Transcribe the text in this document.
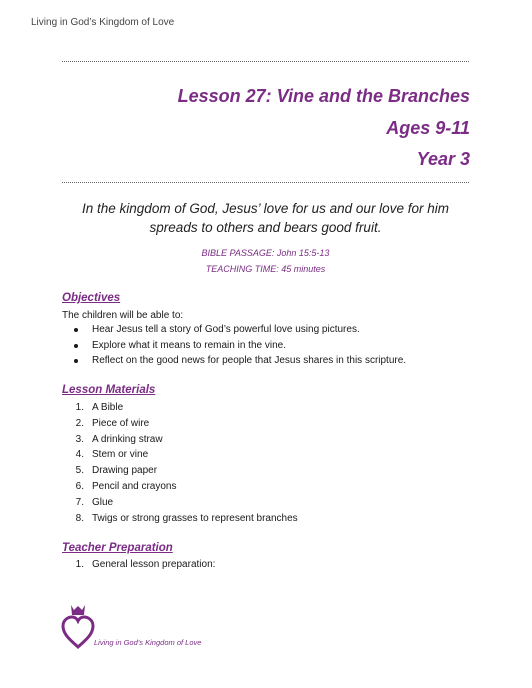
Living in God’s Kingdom of Love
Lesson 27: Vine and the Branches
Ages 9-11
Year 3
In the kingdom of God, Jesus’ love for us and our love for him spreads to others and bears good fruit.
BIBLE PASSAGE: John 15:5-13
TEACHING TIME: 45 minutes
Objectives
The children will be able to:
Hear Jesus tell a story of God’s powerful love using pictures.
Explore what it means to remain in the vine.
Reflect on the good news for people that Jesus shares in this scripture.
Lesson Materials
1. A Bible
2. Piece of wire
3. A drinking straw
4. Stem or vine
5. Drawing paper
6. Pencil and crayons
7. Glue
8. Twigs or strong grasses to represent branches
Teacher Preparation
1. General lesson preparation:
Living in God’s Kingdom of Love
